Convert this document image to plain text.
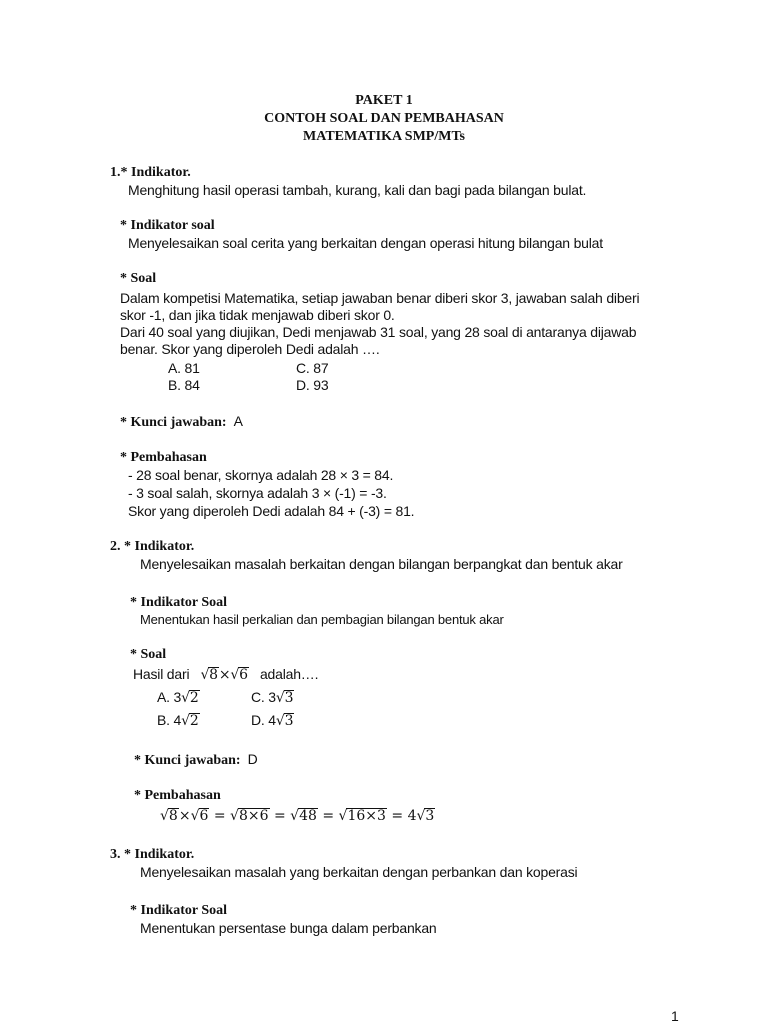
PAKET 1
CONTOH SOAL DAN PEMBAHASAN
MATEMATIKA SMP/MTs
1.* Indikator.
Menghitung hasil operasi tambah, kurang, kali dan bagi pada bilangan bulat.
* Indikator soal
Menyelesaikan soal cerita yang berkaitan dengan operasi hitung bilangan bulat
* Soal
Dalam kompetisi Matematika, setiap jawaban benar diberi skor 3, jawaban salah diberi
skor -1, dan jika tidak menjawab diberi skor 0.
Dari 40 soal yang diujikan, Dedi menjawab 31 soal, yang 28 soal di antaranya dijawab
benar. Skor yang diperoleh Dedi adalah ….
A. 81
B. 84
C. 87
D. 93
* Kunci jawaban: A
* Pembahasan
- 28 soal benar, skornya adalah 28 × 3 = 84.
- 3 soal salah, skornya adalah 3 × (-1) = -3.
Skor yang diperoleh Dedi adalah 84 + (-3) = 81.
2. * Indikator.
Menyelesaikan masalah berkaitan dengan bilangan berpangkat dan bentuk akar
* Indikator Soal
Menentukan hasil perkalian dan pembagian bilangan bentuk akar
* Soal
Hasil dari √8×√6 adalah….
A. 3√2	C. 3√3
B. 4√2	D. 4√3
* Kunci jawaban: D
* Pembahasan
√8×√6 = √8×6 = √48 = √16×3 = 4√3
3. * Indikator.
Menyelesaikan masalah yang berkaitan dengan perbankan dan koperasi
* Indikator Soal
Menentukan persentase bunga dalam perbankan
1
